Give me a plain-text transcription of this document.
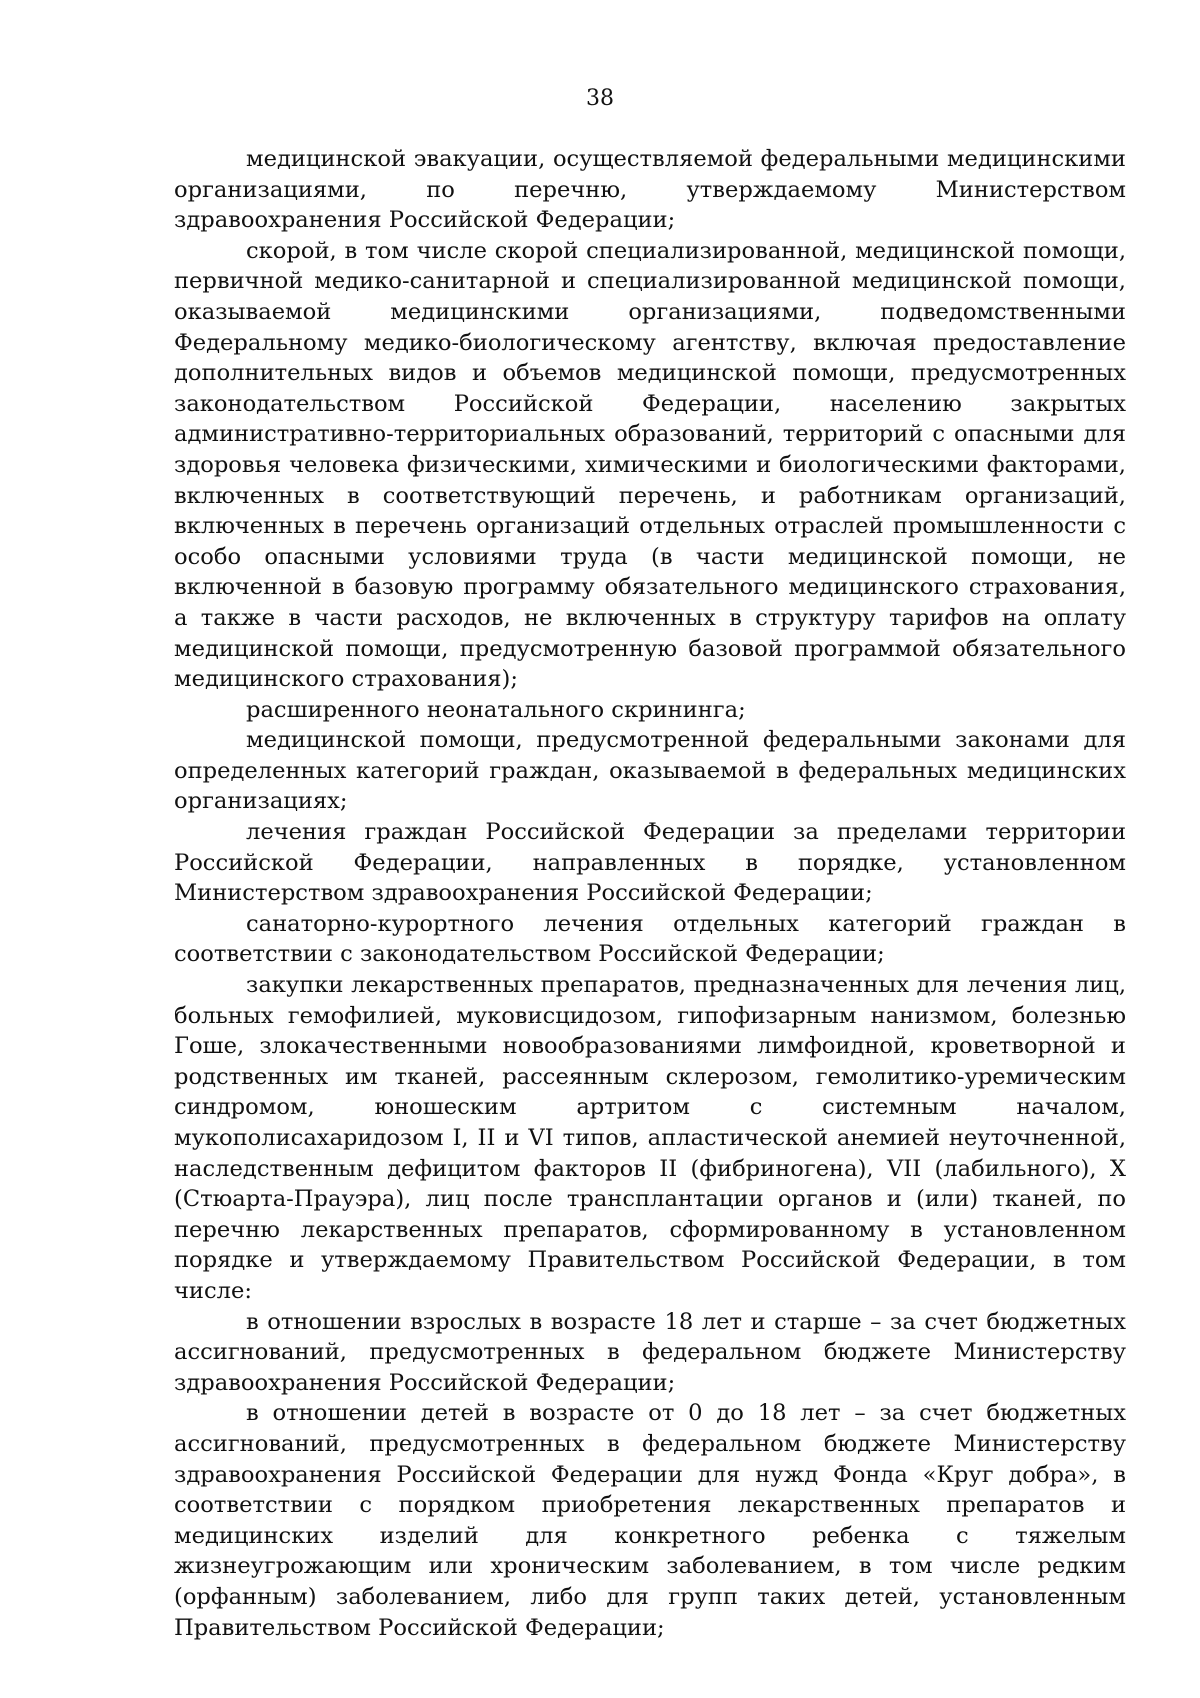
38

медицинской эвакуации, осуществляемой федеральными медицинскими организациями, по перечню, утверждаемому Министерством здравоохранения Российской Федерации;

скорой, в том числе скорой специализированной, медицинской помощи, первичной медико-санитарной и специализированной медицинской помощи, оказываемой медицинскими организациями, подведомственными Федеральному медико-биологическому агентству, включая предоставление дополнительных видов и объемов медицинской помощи, предусмотренных законодательством Российской Федерации, населению закрытых административно-территориальных образований, территорий с опасными для здоровья человека физическими, химическими и биологическими факторами, включенных в соответствующий перечень, и работникам организаций, включенных в перечень организаций отдельных отраслей промышленности с особо опасными условиями труда (в части медицинской помощи, не включенной в базовую программу обязательного медицинского страхования, а также в части расходов, не включенных в структуру тарифов на оплату медицинской помощи, предусмотренную базовой программой обязательного медицинского страхования);

расширенного неонатального скрининга;

медицинской помощи, предусмотренной федеральными законами для определенных категорий граждан, оказываемой в федеральных медицинских организациях;

лечения граждан Российской Федерации за пределами территории Российской Федерации, направленных в порядке, установленном Министерством здравоохранения Российской Федерации;

санаторно-курортного лечения отдельных категорий граждан в соответствии с законодательством Российской Федерации;

закупки лекарственных препаратов, предназначенных для лечения лиц, больных гемофилией, муковисцидозом, гипофизарным нанизмом, болезнью Гоше, злокачественными новообразованиями лимфоидной, кроветворной и родственных им тканей, рассеянным склерозом, гемолитико-уремическим синдромом, юношеским артритом с системным началом, мукополисахаридозом I, II и VI типов, апластической анемией неуточненной, наследственным дефицитом факторов II (фибриногена), VII (лабильного), X (Стюарта-Прауэра), лиц после трансплантации органов и (или) тканей, по перечню лекарственных препаратов, сформированному в установленном порядке и утверждаемому Правительством Российской Федерации, в том числе:

в отношении взрослых в возрасте 18 лет и старше – за счет бюджетных ассигнований, предусмотренных в федеральном бюджете Министерству здравоохранения Российской Федерации;

в отношении детей в возрасте от 0 до 18 лет – за счет бюджетных ассигнований, предусмотренных в федеральном бюджете Министерству здравоохранения Российской Федерации для нужд Фонда «Круг добра», в соответствии с порядком приобретения лекарственных препаратов и медицинских изделий для конкретного ребенка с тяжелым жизнеугрожающим или хроническим заболеванием, в том числе редким (орфанным) заболеванием, либо для групп таких детей, установленным Правительством Российской Федерации;
